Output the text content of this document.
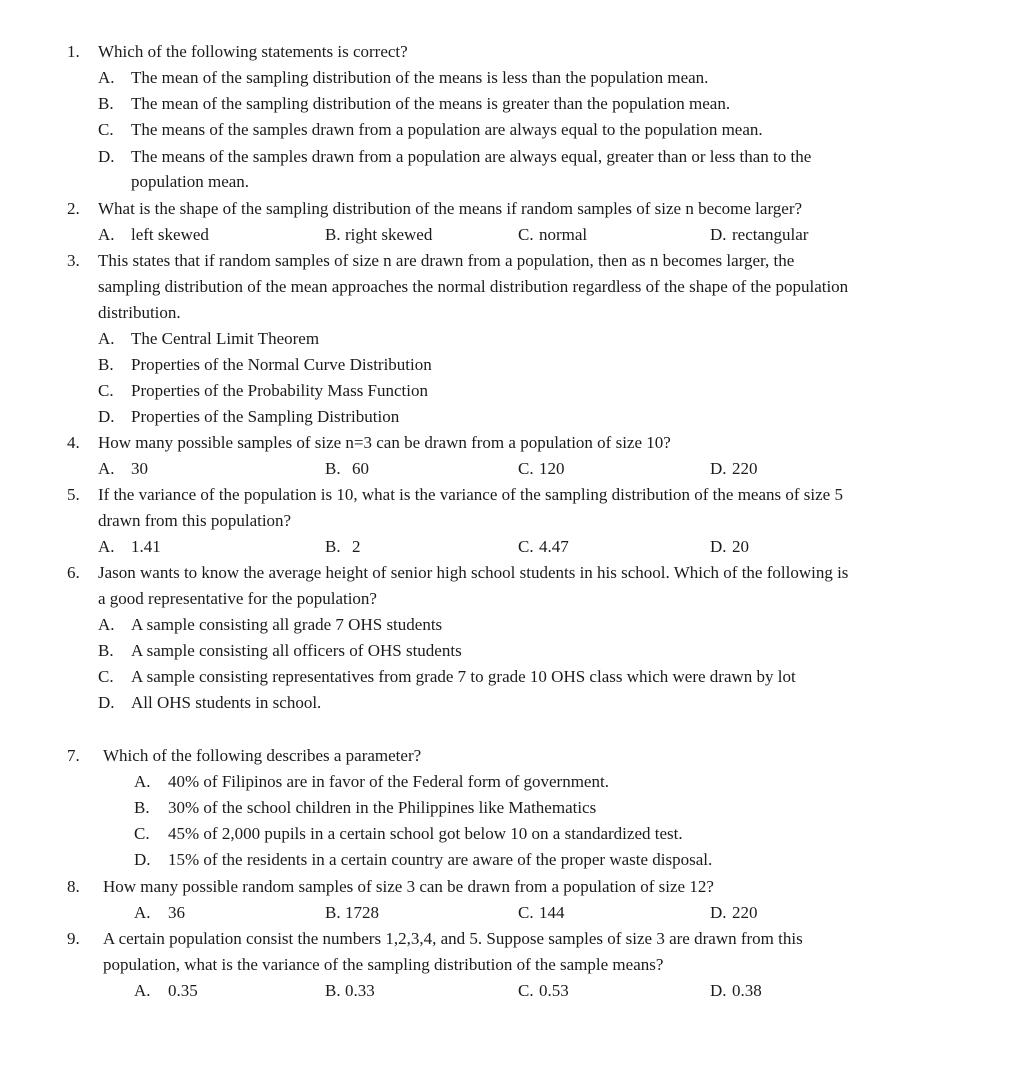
1. Which of the following statements is correct?
A. The mean of the sampling distribution of the means is less than the population mean.
B. The mean of the sampling distribution of the means is greater than the population mean.
C. The means of the samples drawn from a population are always equal to the population mean.
D. The means of the samples drawn from a population are always equal, greater than or less than to the
population mean.
2. What is the shape of the sampling distribution of the means if random samples of size n become larger?
A. left skewed	B. right skewed	C. normal	D. rectangular
3. This states that if random samples of size n are drawn from a population, then as n becomes larger, the
sampling distribution of the mean approaches the normal distribution regardless of the shape of the population
distribution.
A. The Central Limit Theorem
B. Properties of the Normal Curve Distribution
C. Properties of the Probability Mass Function
D. Properties of the Sampling Distribution
4. How many possible samples of size n=3 can be drawn from a population of size 10?
A. 30	B. 60	C. 120	D. 220
5. If the variance of the population is 10, what is the variance of the sampling distribution of the means of size 5
drawn from this population?
A. 1.41	B. 2	C. 4.47	D. 20
6. Jason wants to know the average height of senior high school students in his school. Which of the following is
a good representative for the population?
A. A sample consisting all grade 7 OHS students
B. A sample consisting all officers of OHS students
C. A sample consisting representatives from grade 7 to grade 10 OHS class which were drawn by lot
D. All OHS students in school.
7. Which of the following describes a parameter?
A. 40% of Filipinos are in favor of the Federal form of government.
B. 30% of the school children in the Philippines like Mathematics
C. 45% of 2,000 pupils in a certain school got below 10 on a standardized test.
D. 15% of the residents in a certain country are aware of the proper waste disposal.
8. How many possible random samples of size 3 can be drawn from a population of size 12?
A. 36	B. 1728	C. 144	D. 220
9. A certain population consist the numbers 1,2,3,4, and 5. Suppose samples of size 3 are drawn from this
population, what is the variance of the sampling distribution of the sample means?
A. 0.35	B. 0.33	C. 0.53	D. 0.38
